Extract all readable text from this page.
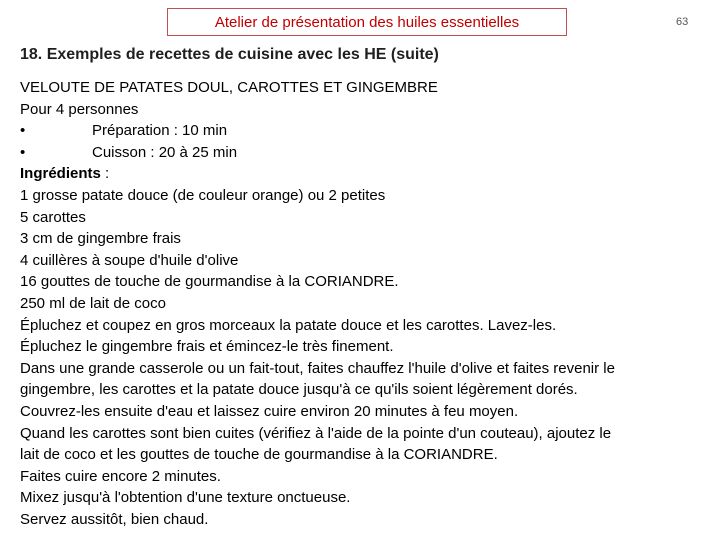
Atelier de présentation des huiles essentielles	63
18. Exemples de recettes de cuisine avec les HE (suite)
VELOUTE DE PATATES DOUL, CAROTTES ET GINGEMBRE
Pour 4 personnes
•	Préparation : 10 min
•	Cuisson : 20 à 25 min
Ingrédients :
1 grosse patate douce (de couleur orange) ou 2 petites
5 carottes
3 cm de gingembre frais
4 cuillères à soupe d'huile d'olive
16 gouttes de touche de gourmandise à la CORIANDRE.
250 ml de lait de coco
Épluchez et coupez en gros morceaux la patate douce et les carottes. Lavez-les.
Épluchez le gingembre frais et émincez-le très finement.
Dans une grande casserole ou un fait-tout, faites chauffez l'huile d'olive et faites revenir le
gingembre, les carottes et la patate douce jusqu'à ce qu'ils soient légèrement dorés.
Couvrez-les ensuite d'eau et laissez cuire environ 20 minutes à feu moyen.
Quand les carottes sont bien cuites (vérifiez à l'aide de la pointe d'un couteau), ajoutez le
lait de coco et les gouttes de touche de gourmandise à la CORIANDRE.
Faites cuire encore 2 minutes.
Mixez jusqu'à l'obtention d'une texture onctueuse.
Servez aussitôt, bien chaud.
